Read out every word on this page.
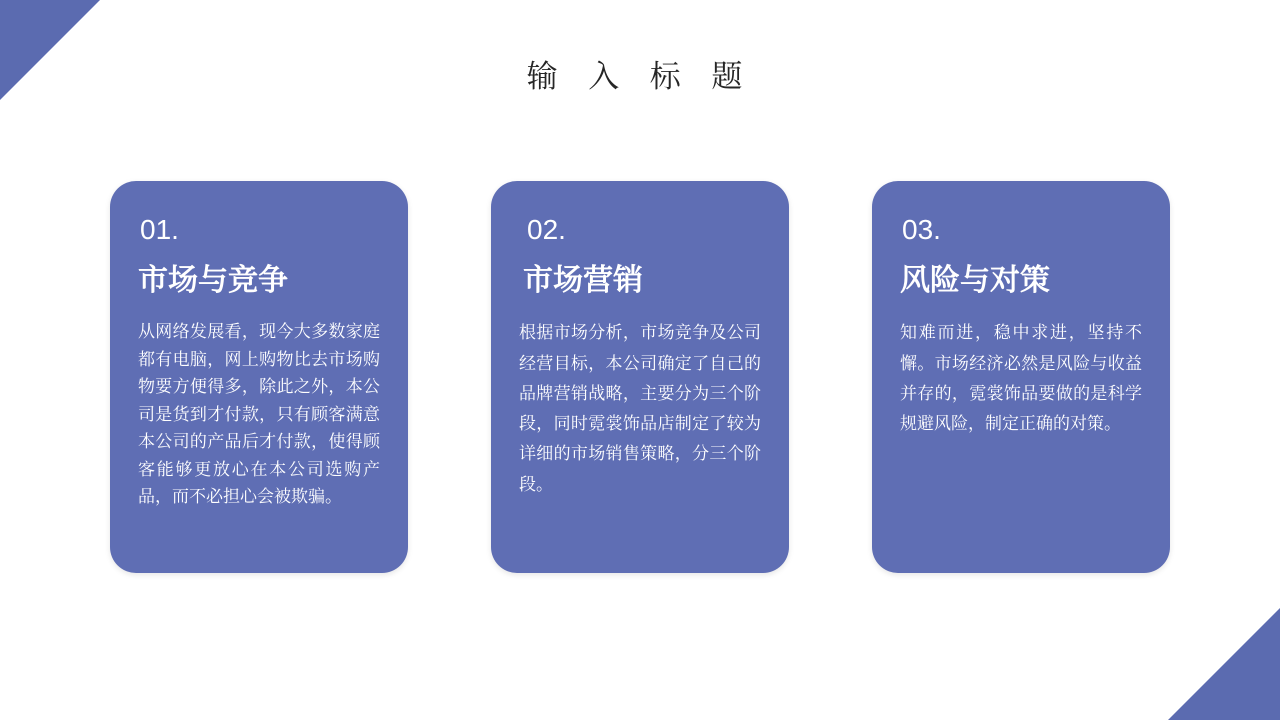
输 入 标 题
01.
市场与竞争

从网络发展看，现今大多数家庭都有电脑，网上购物比去市场购物要方便得多，除此之外，本公司是货到才付款，只有顾客满意本公司的产品后才付款，使得顾客能够更放心在本公司选购产品，而不必担心会被欺骗。

02.
市场营销

根据市场分析，市场竞争及公司经营目标，本公司确定了自己的品牌营销战略，主要分为三个阶段，同时霓裳饰品店制定了较为详细的市场销售策略，分三个阶段。

03.
风险与对策

知难而进，稳中求进，坚持不懈。市场经济必然是风险与收益并存的，霓裳饰品要做的是科学规避风险，制定正确的对策。
